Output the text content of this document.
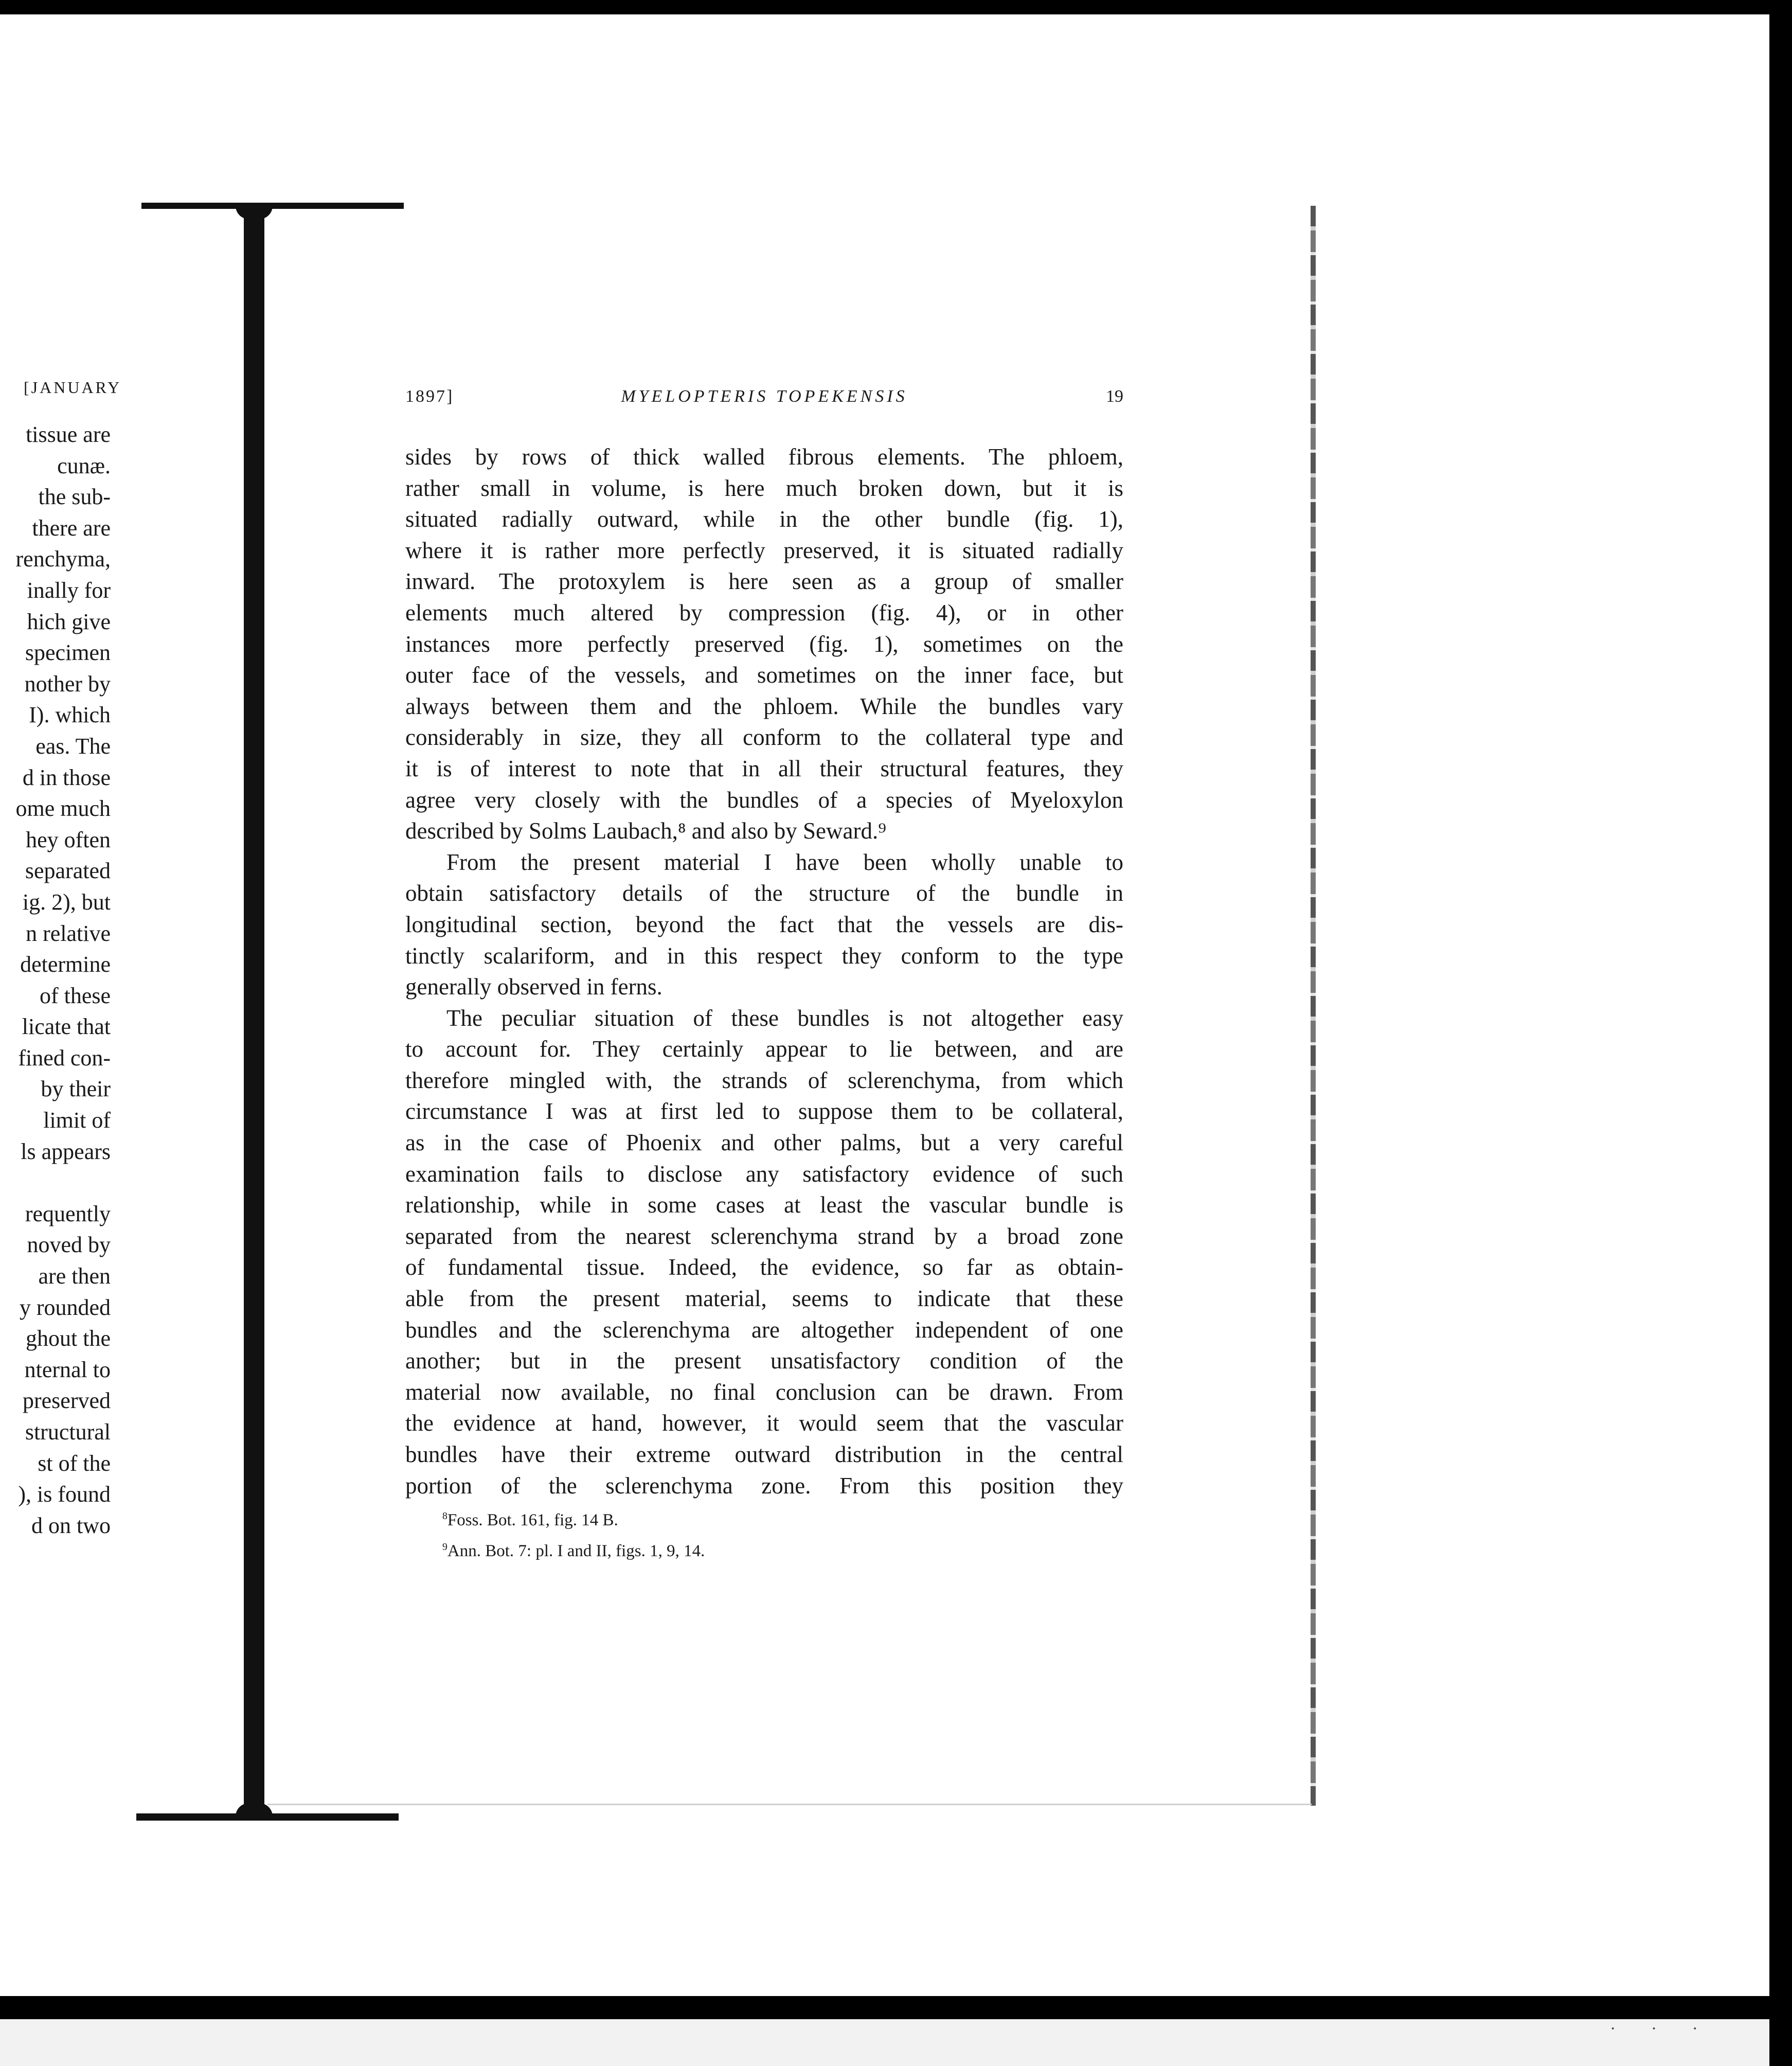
· · ·
[JANUARY
tissue are
cunæ.
the sub-
there are
renchyma,
inally for
hich give
specimen
nother by
I). which
eas. The
d in those
ome much
hey often
separated
ig. 2), but
n relative
determine
of these
licate that
fined con-
by their
limit of
ls appears
requently
noved by
are then
y rounded
ghout the
nternal to
preserved
structural
st of the
), is found
d on two
1897]	MYELOPTERIS TOPEKENSIS	19
sides by rows of thick walled fibrous elements. The phloem,
rather small in volume, is here much broken down, but it is
situated radially outward, while in the other bundle (fig. 1),
where it is rather more perfectly preserved, it is situated radially
inward. The protoxylem is here seen as a group of smaller
elements much altered by compression (fig. 4), or in other
instances more perfectly preserved (fig. 1), sometimes on the
outer face of the vessels, and sometimes on the inner face, but
always between them and the phloem. While the bundles vary
considerably in size, they all conform to the collateral type and
it is of interest to note that in all their structural features, they
agree very closely with the bundles of a species of Myeloxylon
described by Solms Laubach,⁸ and also by Seward.⁹
From the present material I have been wholly unable to
obtain satisfactory details of the structure of the bundle in
longitudinal section, beyond the fact that the vessels are dis-
tinctly scalariform, and in this respect they conform to the type
generally observed in ferns.
The peculiar situation of these bundles is not altogether easy
to account for. They certainly appear to lie between, and are
therefore mingled with, the strands of sclerenchyma, from which
circumstance I was at first led to suppose them to be collateral,
as in the case of Phoenix and other palms, but a very careful
examination fails to disclose any satisfactory evidence of such
relationship, while in some cases at least the vascular bundle is
separated from the nearest sclerenchyma strand by a broad zone
of fundamental tissue. Indeed, the evidence, so far as obtain-
able from the present material, seems to indicate that these
bundles and the sclerenchyma are altogether independent of one
another; but in the present unsatisfactory condition of the
material now available, no final conclusion can be drawn. From
the evidence at hand, however, it would seem that the vascular
bundles have their extreme outward distribution in the central
portion of the sclerenchyma zone. From this position they
$^8$Foss. Bot. 161, fig. 14 B.
$^9$Ann. Bot. 7: pl. I and II, figs. 1, 9, 14.
